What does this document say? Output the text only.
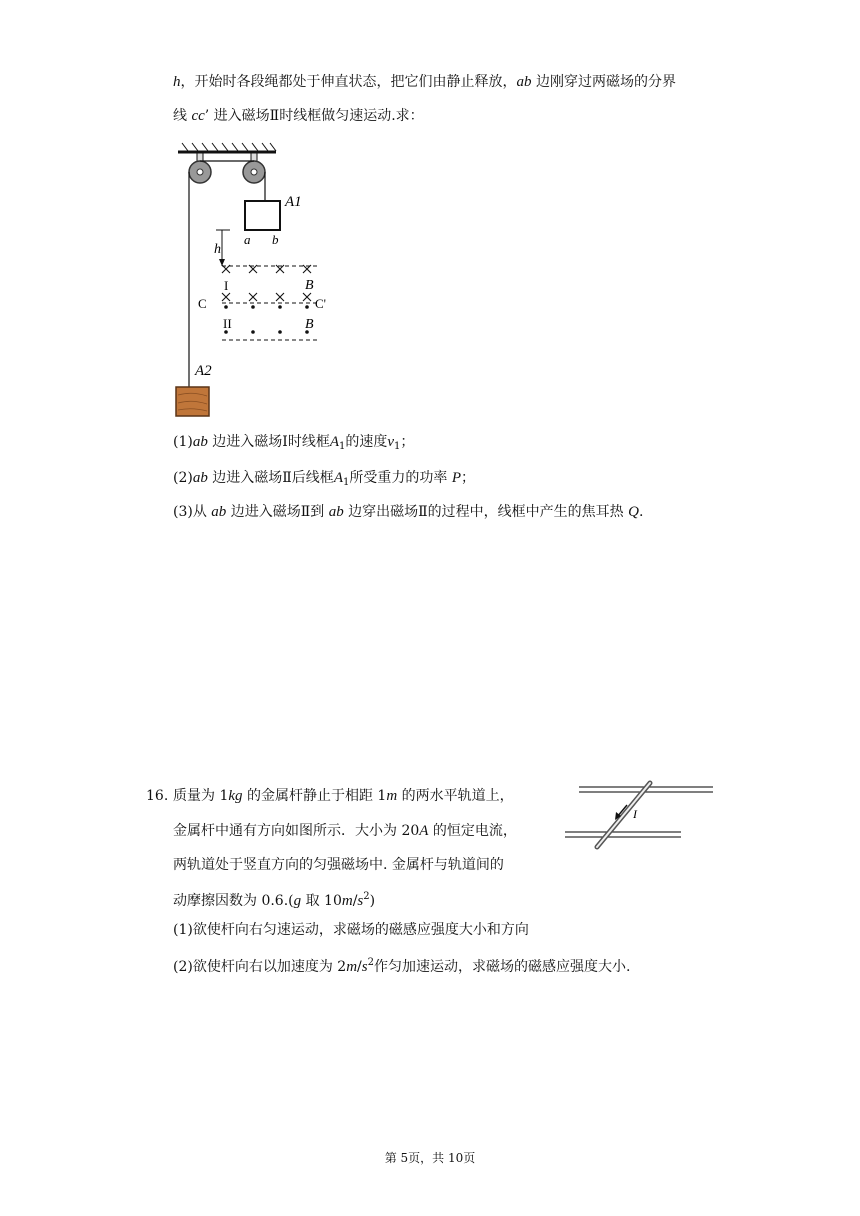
h，开始时各段绳都处于伸直状态，把它们由静止释放，ab 边刚穿过两磁场的分界
线 cc’ 进入磁场Ⅱ时线框做匀速运动.求：
A1
a b
h
I	B
C	C'
II	B
A2
(1)ab 边进入磁场Ⅰ时线框$A_1$的速度$v_1$；
(2)ab 边进入磁场Ⅱ后线框$A_1$所受重力的功率 P；
(3)从 ab 边进入磁场Ⅱ到 ab 边穿出磁场Ⅱ的过程中，线框中产生的焦耳热 Q.
16. 质量为 1kg 的金属杆静止于相距 1m 的两水平轨道上，
金属杆中通有方向如图所示．大小为 20A 的恒定电流，
两轨道处于竖直方向的匀强磁场中. 金属杆与轨道间的
动摩擦因数为 0.6.(g 取 $10m/s^2$)
(1)欲使杆向右匀速运动，求磁场的磁感应强度大小和方向
(2)欲使杆向右以加速度为 $2m/s^2$作匀加速运动，求磁场的磁感应强度大小.
I
第 5页，共 10页
